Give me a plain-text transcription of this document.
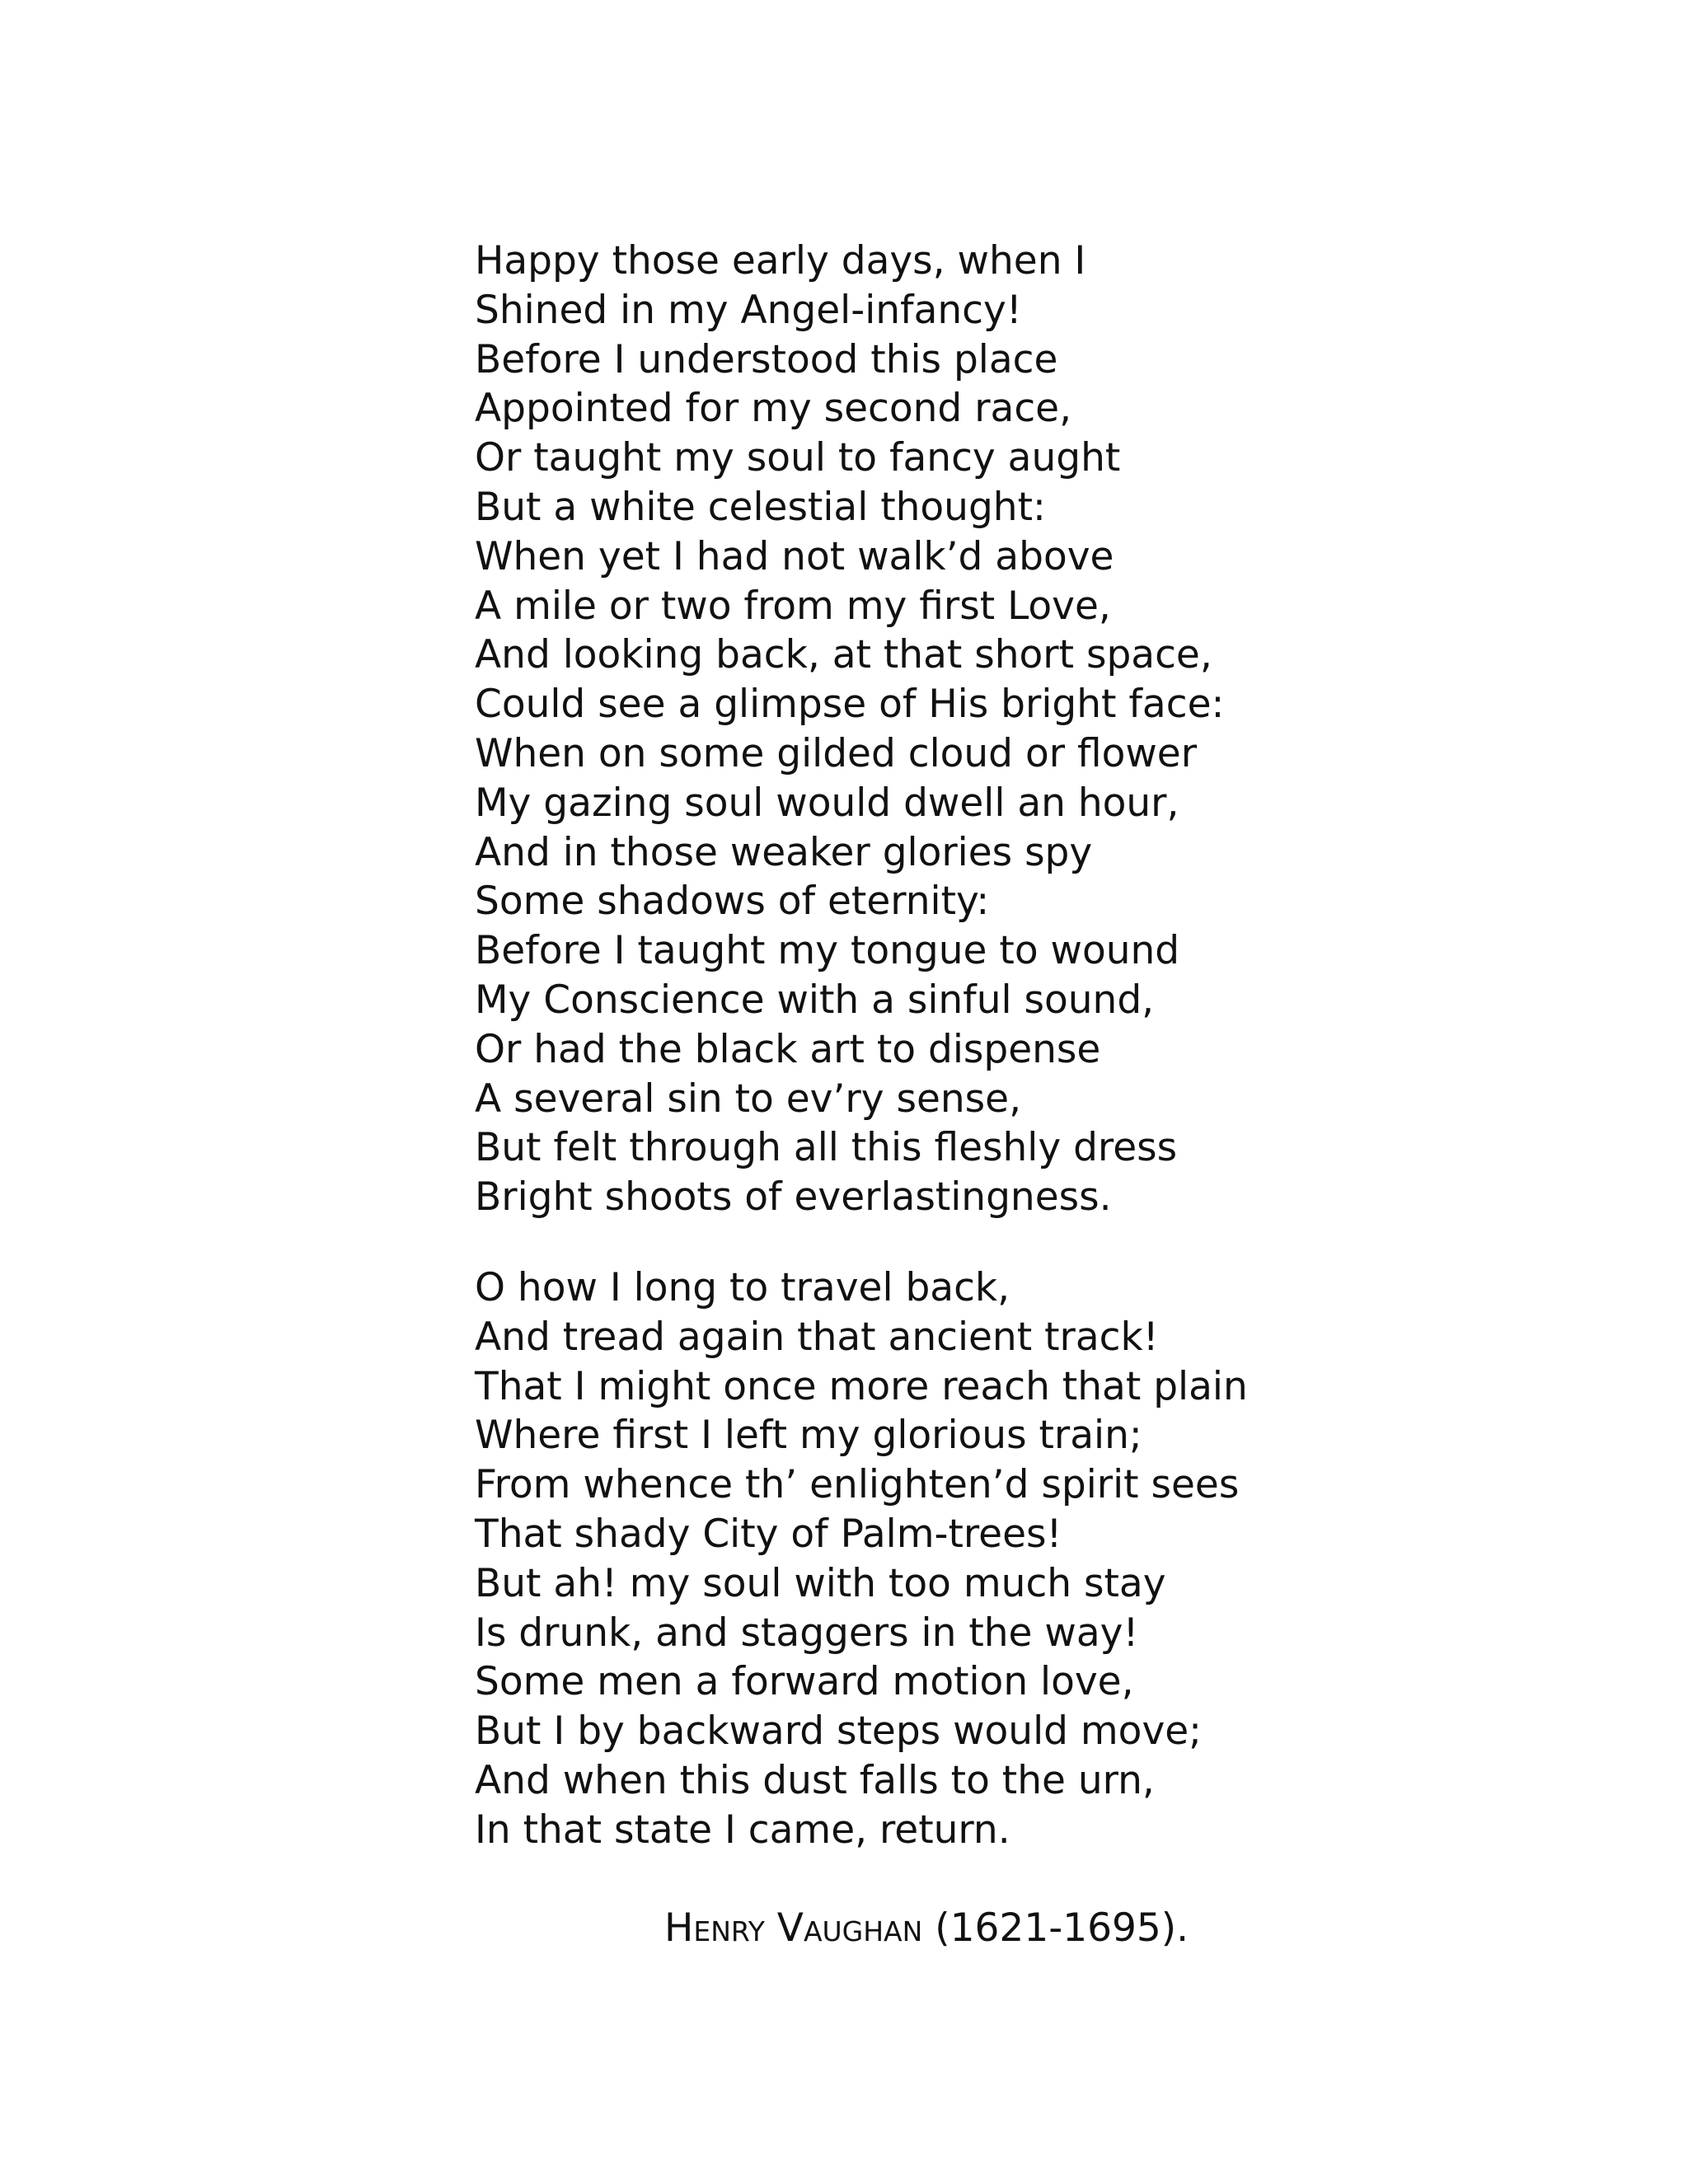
Happy those early days, when I
Shined in my Angel-infancy!
Before I understood this place
Appointed for my second race,
Or taught my soul to fancy aught
But a white celestial thought:
When yet I had not walk’d above
A mile or two from my first Love,
And looking back, at that short space,
Could see a glimpse of His bright face:
When on some gilded cloud or flower
My gazing soul would dwell an hour,
And in those weaker glories spy
Some shadows of eternity:
Before I taught my tongue to wound
My Conscience with a sinful sound,
Or had the black art to dispense
A several sin to ev’ry sense,
But felt through all this fleshly dress
Bright shoots of everlastingness.
O how I long to travel back,
And tread again that ancient track!
That I might once more reach that plain
Where first I left my glorious train;
From whence th’ enlighten’d spirit sees
That shady City of Palm-trees!
But ah! my soul with too much stay
Is drunk, and staggers in the way!
Some men a forward motion love,
But I by backward steps would move;
And when this dust falls to the urn,
In that state I came, return.
Henry Vaughan (1621-1695).
